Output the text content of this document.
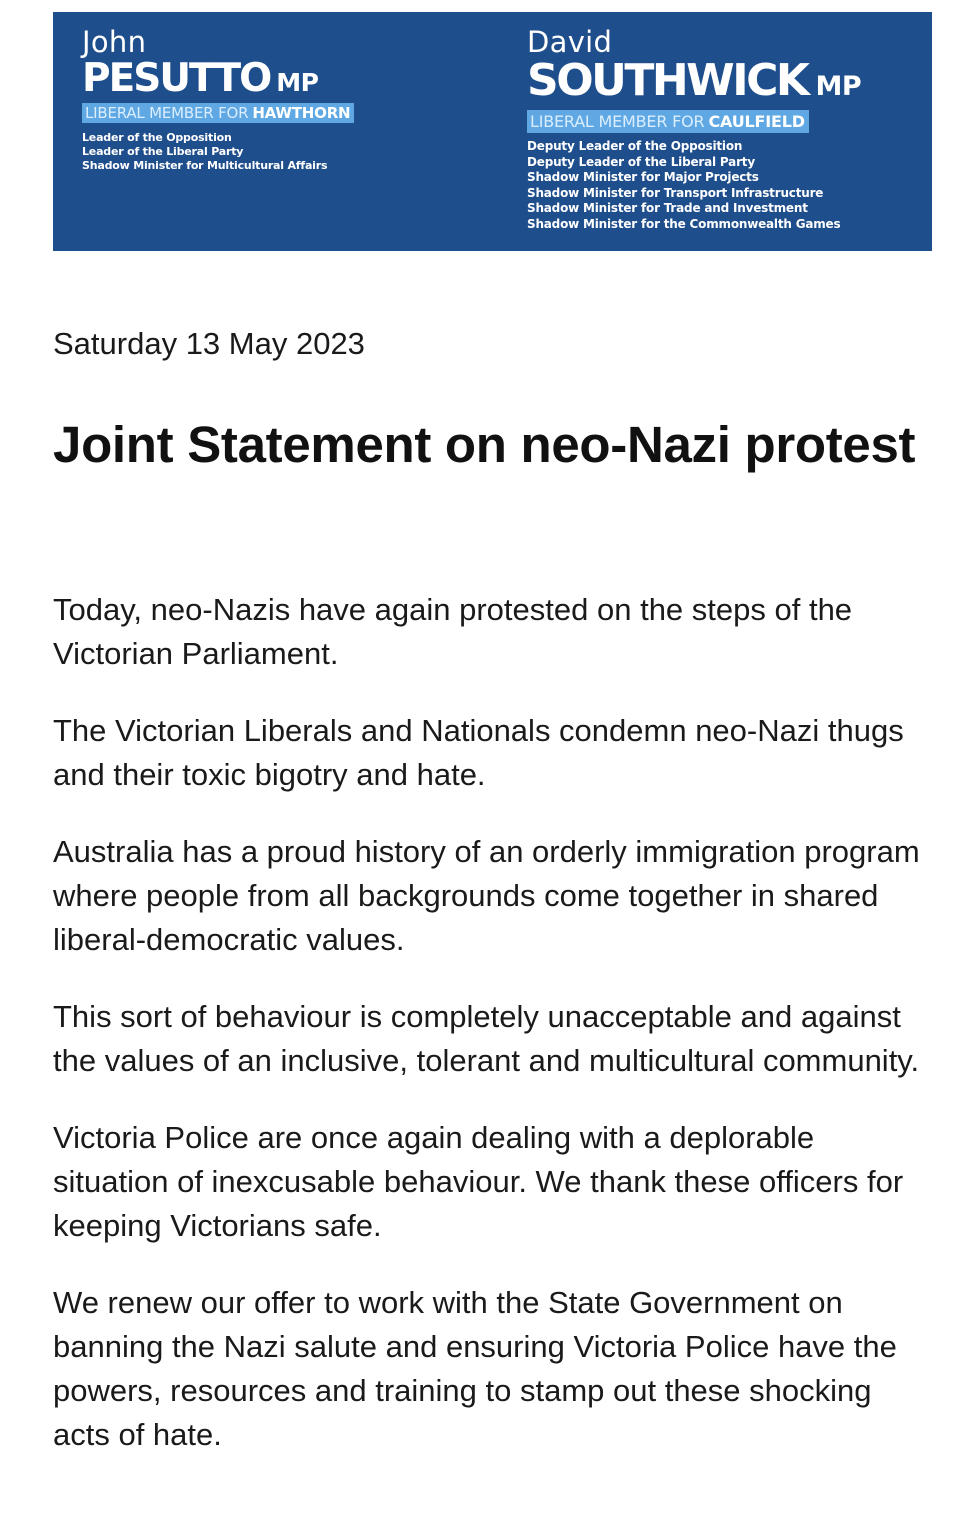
John
PESUTTO MP
LIBERAL MEMBER FOR HAWTHORN
Leader of the Opposition
Leader of the Liberal Party
Shadow Minister for Multicultural Affairs
David
SOUTHWICK MP
LIBERAL MEMBER FOR CAULFIELD
Deputy Leader of the Opposition
Deputy Leader of the Liberal Party
Shadow Minister for Major Projects
Shadow Minister for Transport Infrastructure
Shadow Minister for Trade and Investment
Shadow Minister for the Commonwealth Games
Saturday 13 May 2023
Joint Statement on neo-Nazi protest

Today, neo-Nazis have again protested on the steps of the Victorian Parliament.

The Victorian Liberals and Nationals condemn neo-Nazi thugs and their toxic bigotry and hate.

Australia has a proud history of an orderly immigration program where people from all backgrounds come together in shared liberal-democratic values.

This sort of behaviour is completely unacceptable and against the values of an inclusive, tolerant and multicultural community.

Victoria Police are once again dealing with a deplorable situation of inexcusable behaviour. We thank these officers for keeping Victorians safe.

We renew our offer to work with the State Government on banning the Nazi salute and ensuring Victoria Police have the powers, resources and training to stamp out these shocking acts of hate.
